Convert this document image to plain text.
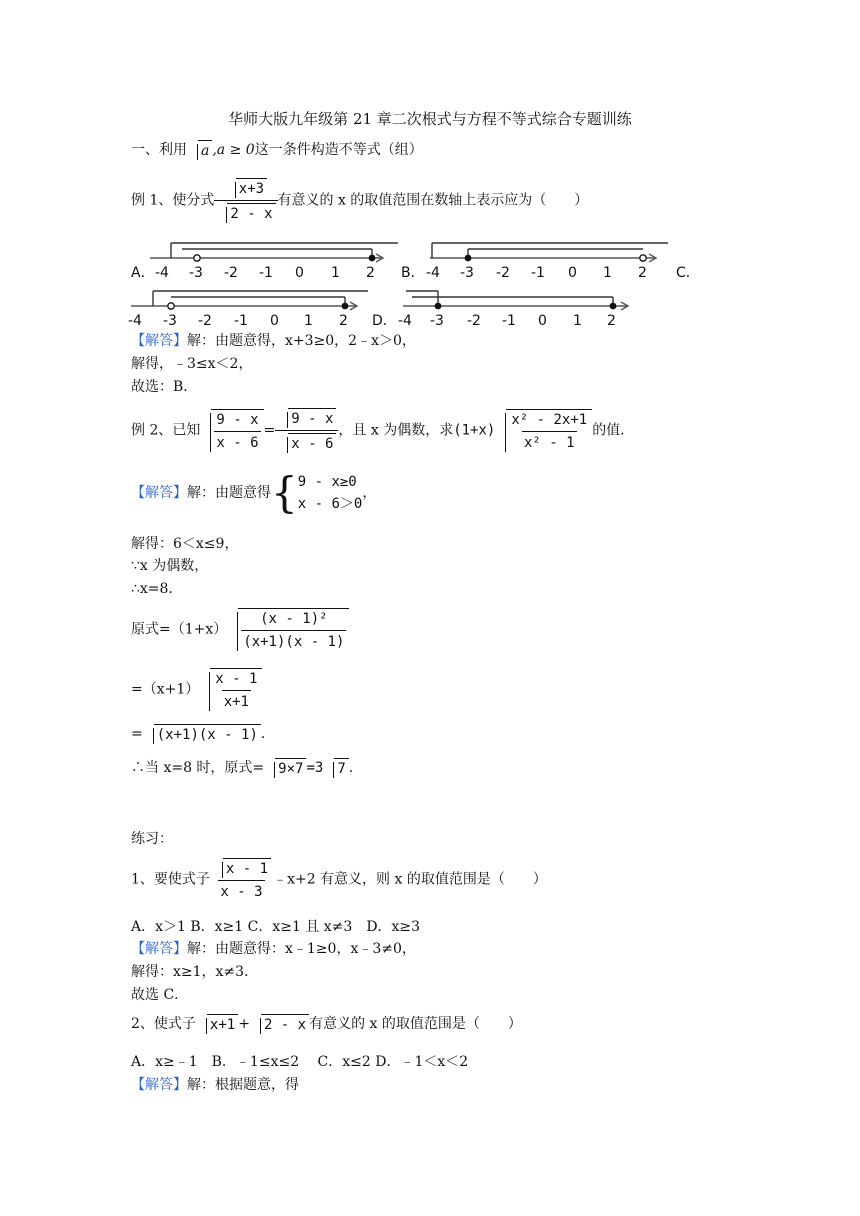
华师大版九年级第 21 章二次根式与方程不等式综合专题训练
一、利用 a ,a ≥ 0这一条件构造不等式（组）
例 1、使分式 $\frac{x+3}{2 - x}$ 有意义的 x 的取值范围在数轴上表示应为（　　）
-4 -3 -2 -1 0 1 2
A．	B． -4 -3 -2 -1 0 1 2 C．
-4 -3 -2 -1 0 1 2 D． -4 -3 -2 -1 0 1 2
【解答】解：由题意得，x+3≥0，2﹣x＞0，
解得，﹣3≤x＜2，
故选：B．
例 2、已知 $\frac{9 - x}{x - 6} = \frac{9 - x}{x - 6}$ ，且 x 为偶数，求$(1+x) \frac{\text{x² - 2x+1}}{\text{x² - 1}}$ 的值．
【解答】解：由题意得 { 9 - x≥0
x - 6＞0
，
解得：6＜x≤9，
∵x 为偶数，
∴x=8．
原式$=(1+x) \frac{\text{(x - 1)²}}{(x+1)(x - 1)}$
$=(x+1) \frac{x - 1}{x+1}$
= (x+1)(x - 1) ．
∴当 x=8 时，原式= 9×7 =3 7 ．
练习：
1、要使式子 $\frac{x - 1}{x - 3}$ ﹣x+2 有意义，则 x 的取值范围是（　　）
A．x＞1 B．x≥1 C．x≥1 且 x≠3　D．x≥3
【解答】解：由题意得：x﹣1≥0，x﹣3≠0，
解得：x≥1，x≠3．
故选 C．
2、使式子 x+1 + 2 - x 有意义的 x 的取值范围是（　　）
A．x≥﹣1　B．﹣1≤x≤2　 C．x≤2 D．﹣1＜x＜2
【解答】解：根据题意，得
